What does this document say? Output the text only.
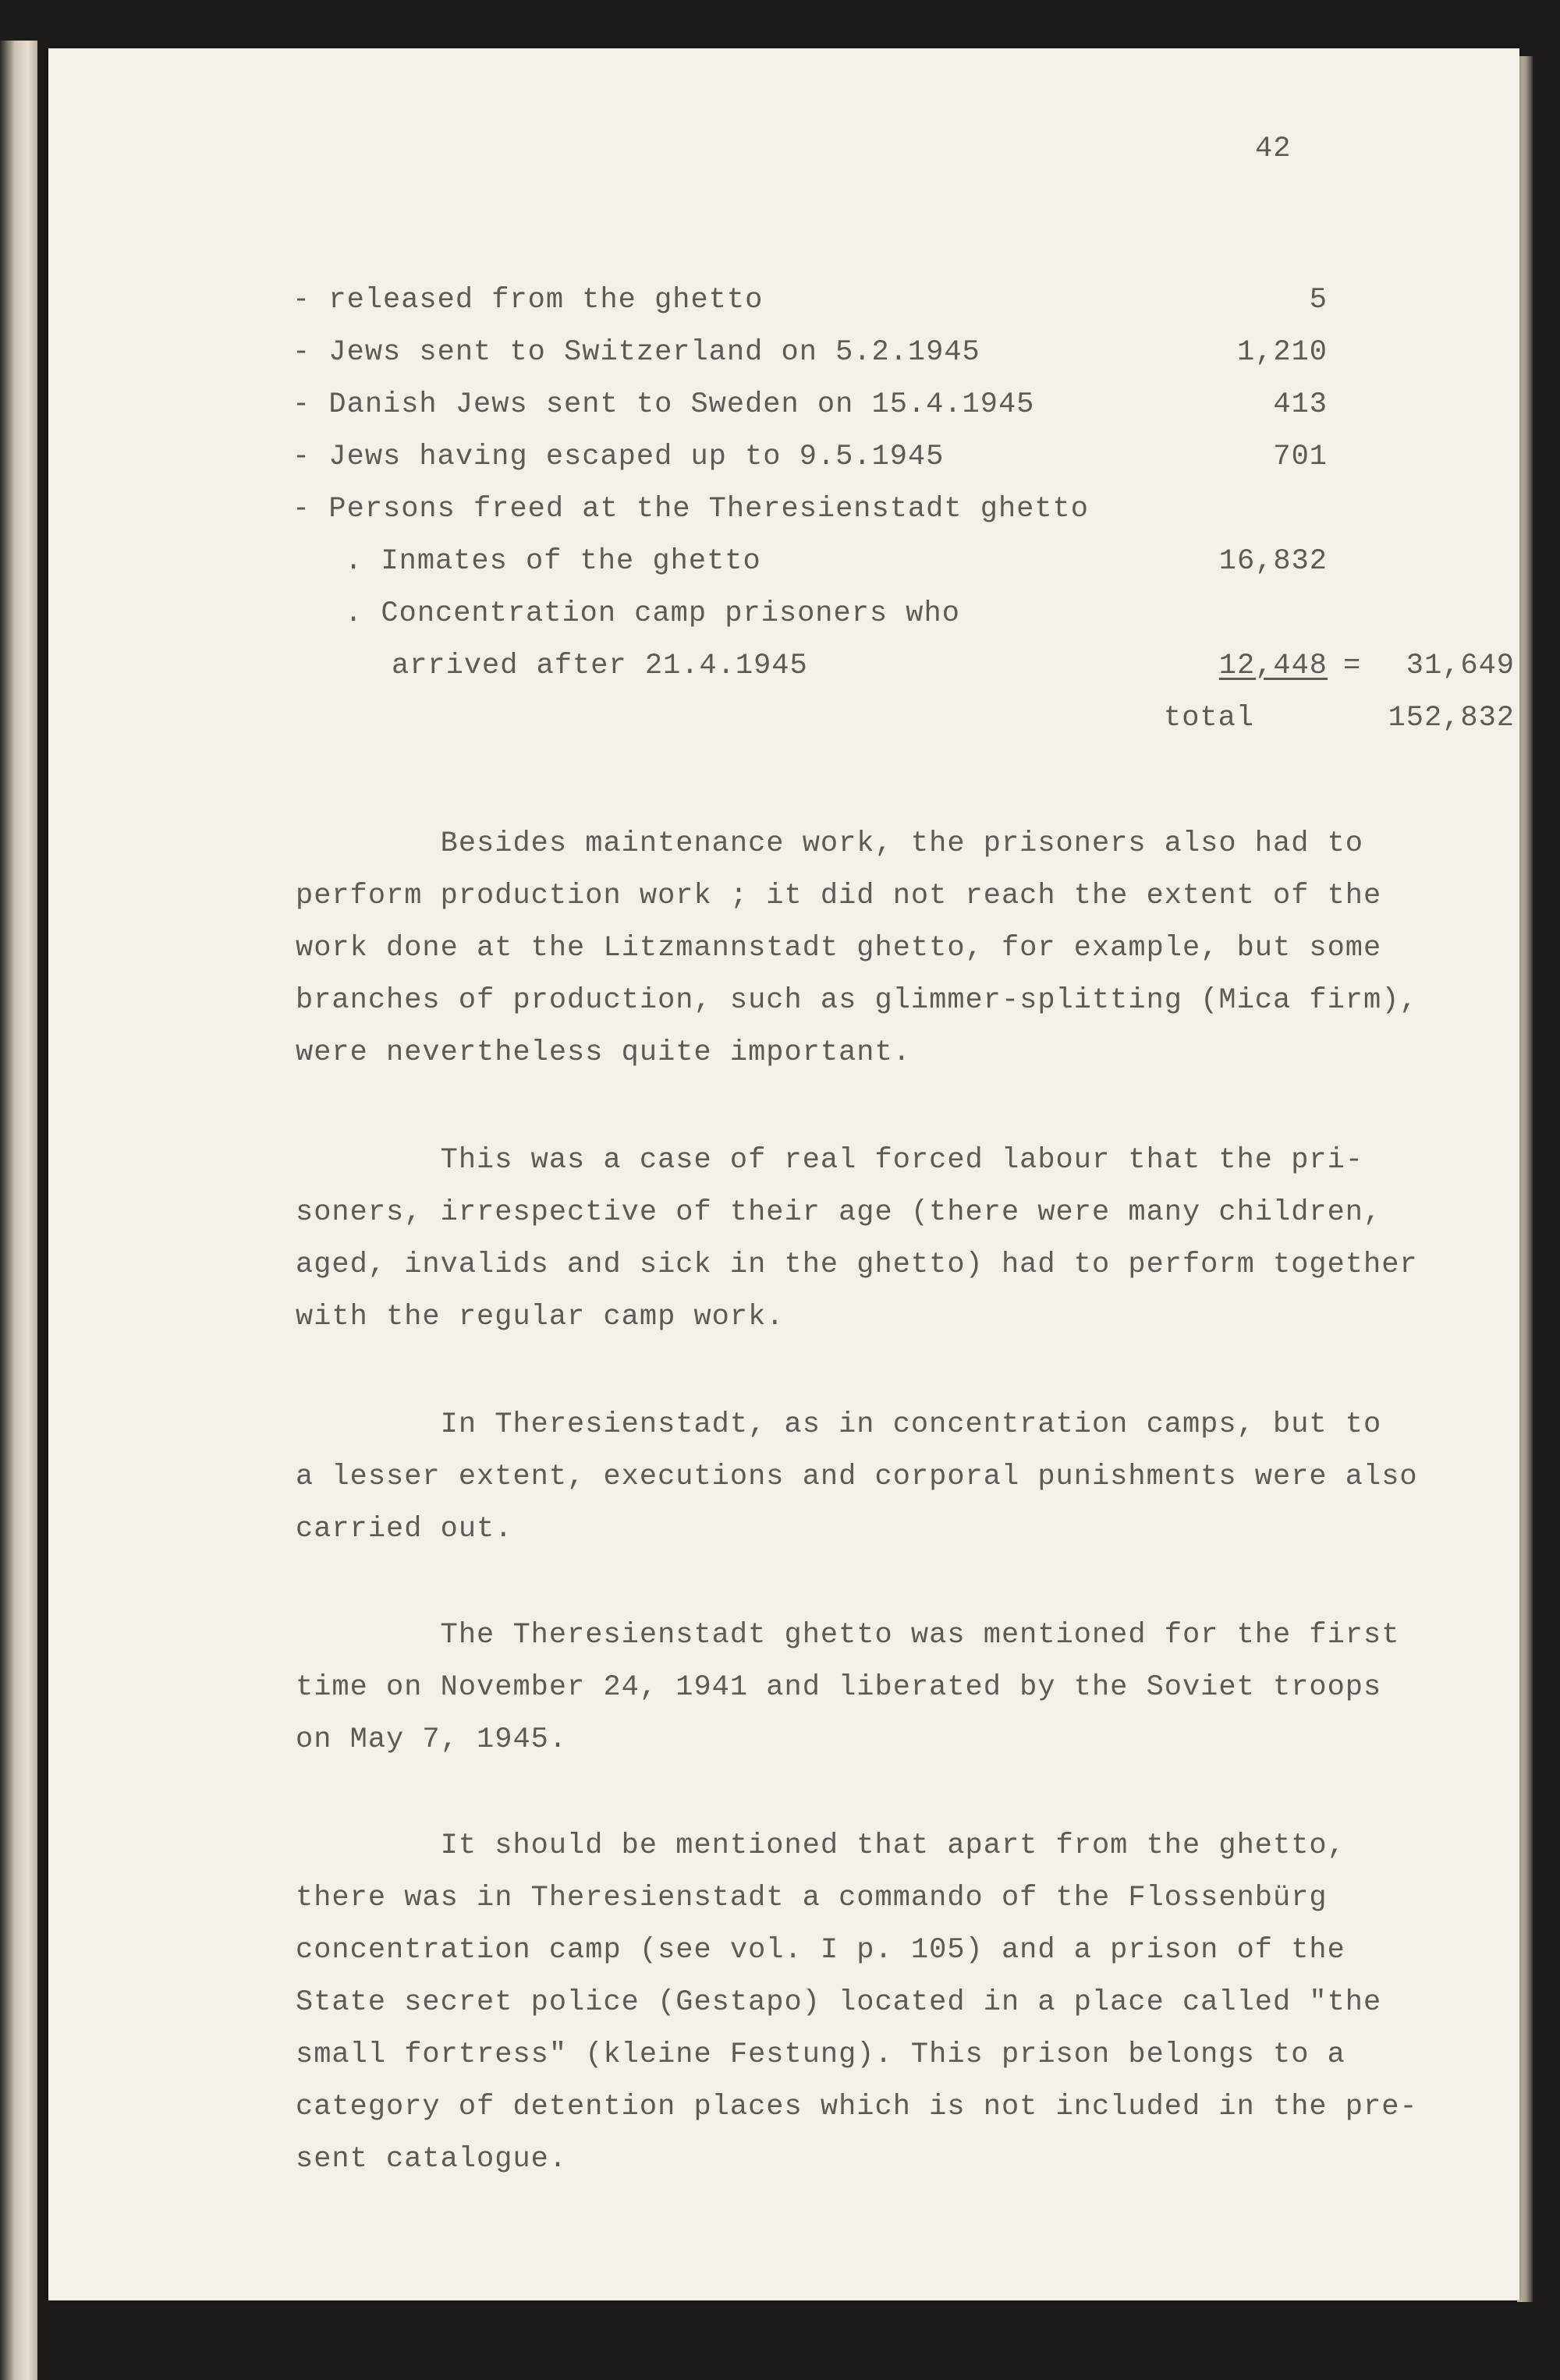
42
- released from the ghetto	5
- Jews sent to Switzerland on 5.2.1945	1,210
- Danish Jews sent to Sweden on 15.4.1945	413
- Jews having escaped up to 9.5.1945	701
- Persons freed at the Theresienstadt ghetto
. Inmates of the ghetto	16,832
. Concentration camp prisoners who
arrived after 21.4.1945	12,448 =	31,649
total	152,832
Besides maintenance work, the prisoners also had to
perform production work ; it did not reach the extent of the
work done at the Litzmannstadt ghetto, for example, but some
branches of production, such as glimmer-splitting (Mica firm),
were nevertheless quite important.
This was a case of real forced labour that the pri-
soners, irrespective of their age (there were many children,
aged, invalids and sick in the ghetto) had to perform together
with the regular camp work.
In Theresienstadt, as in concentration camps, but to
a lesser extent, executions and corporal punishments were also
carried out.
The Theresienstadt ghetto was mentioned for the first
time on November 24, 1941 and liberated by the Soviet troops
on May 7, 1945.
It should be mentioned that apart from the ghetto,
there was in Theresienstadt a commando of the Flossenbürg
concentration camp (see vol. I p. 105) and a prison of the
State secret police (Gestapo) located in a place called "the
small fortress" (kleine Festung). This prison belongs to a
category of detention places which is not included in the pre-
sent catalogue.
